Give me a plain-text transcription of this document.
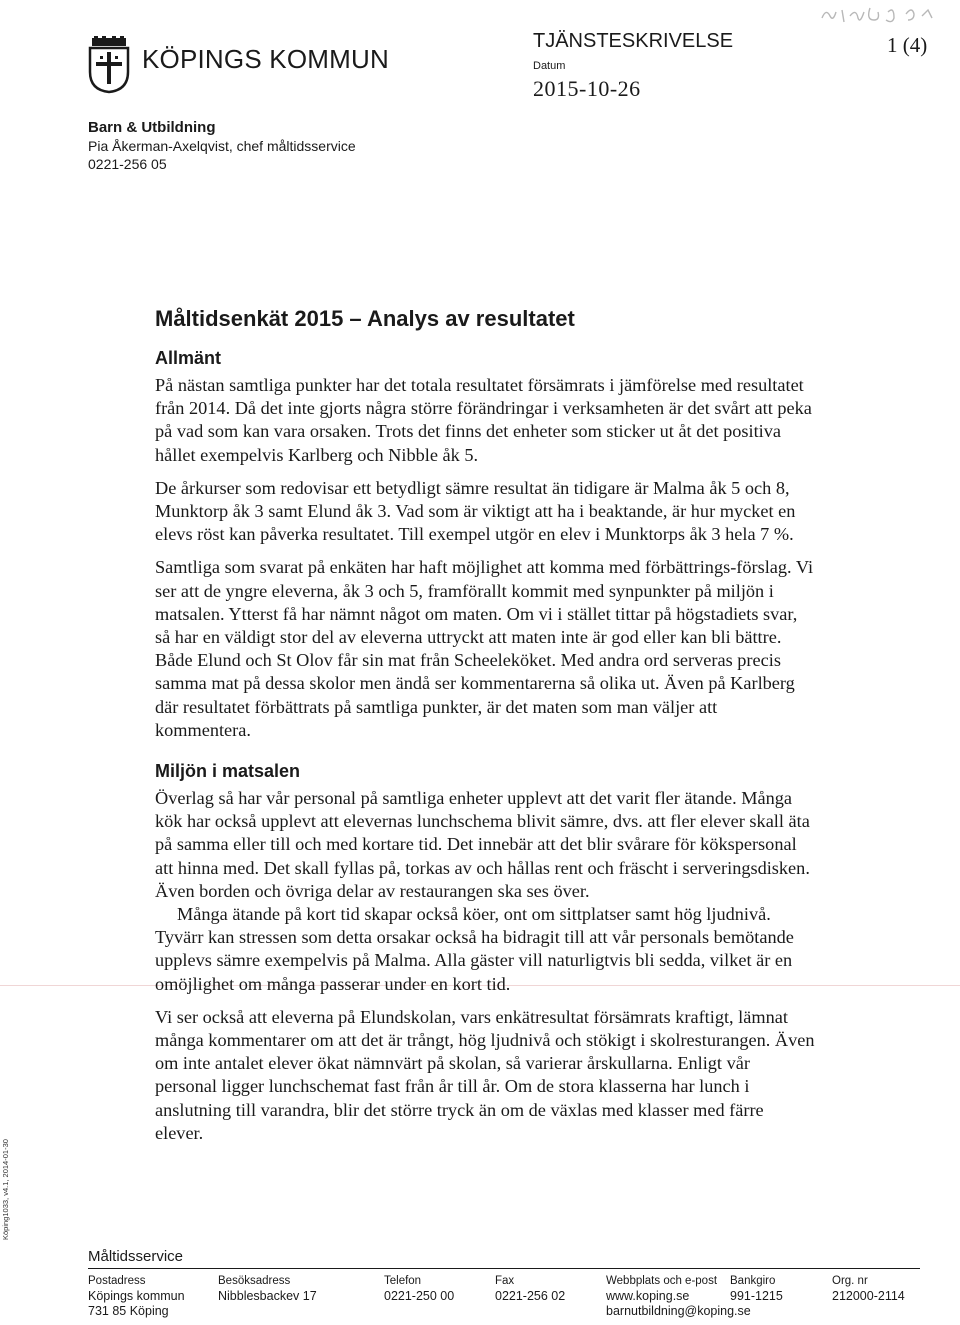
KÖPINGS KOMMUN
TJÄNSTESKRIVELSE	1 (4)
Datum
2015-10-26
Barn & Utbildning
Pia Åkerman-Axelqvist, chef måltidsservice
0221-256 05
Måltidsenkät 2015 – Analys av resultatet
Allmänt
På nästan samtliga punkter har det totala resultatet försämrats i jämförelse med resultatet från 2014. Då det inte gjorts några större förändringar i verksamheten är det svårt att peka på vad som kan vara orsaken. Trots det finns det enheter som sticker ut åt det positiva hållet exempelvis Karlberg och Nibble åk 5.
De årkurser som redovisar ett betydligt sämre resultat än tidigare är Malma åk 5 och 8, Munktorp åk 3 samt Elund åk 3. Vad som är viktigt att ha i beaktande, är hur mycket en elevs röst kan påverka resultatet. Till exempel utgör en elev i Munktorps åk 3 hela 7 %.
Samtliga som svarat på enkäten har haft möjlighet att komma med förbättrings-förslag. Vi ser att de yngre eleverna, åk 3 och 5, framförallt kommit med synpunkter på miljön i matsalen. Ytterst få har nämnt något om maten. Om vi i stället tittar på högstadiets svar, så har en väldigt stor del av eleverna uttryckt att maten inte är god eller kan bli bättre. Både Elund och St Olov får sin mat från Scheeleköket. Med andra ord serveras precis samma mat på dessa skolor men ändå ser kommentarerna så olika ut. Även på Karlberg där resultatet förbättrats på samtliga punkter, är det maten som man väljer att kommentera.
Miljön i matsalen
Överlag så har vår personal på samtliga enheter upplevt att det varit fler ätande. Många kök har också upplevt att elevernas lunchschema blivit sämre, dvs. att fler elever skall äta på samma eller till och med kortare tid. Det innebär att det blir svårare för kökspersonal att hinna med. Det skall fyllas på, torkas av och hållas rent och fräscht i serveringsdisken. Även borden och övriga delar av restaurangen ska ses över.
Många ätande på kort tid skapar också köer, ont om sittplatser samt hög ljudnivå. Tyvärr kan stressen som detta orsakar också ha bidragit till att vår personals bemötande upplevs sämre exempelvis på Malma. Alla gäster vill naturligtvis bli sedda, vilket är en omöjlighet om många passerar under en kort tid.
Vi ser också att eleverna på Elundskolan, vars enkätresultat försämrats kraftigt, lämnat många kommentarer om att det är trångt, hög ljudnivå och stökigt i skolresturangen. Även om inte antalet elever ökat nämnvärt på skolan, så varierar årskullarna. Enligt vår personal ligger lunchschemat fast från år till år. Om de stora klasserna har lunch i anslutning till varandra, blir det större tryck än om de växlas med klasser med färre elever.
Köping1033, v4.1, 2014-01-30
Måltidsservice
Postadress
Köpings kommun
731 85 Köping
Besöksadress
Nibblesbackev 17
Telefon
0221-250 00
Fax
0221-256 02
Webbplats och e-post
www.koping.se
barnutbildning@koping.se
Bankgiro
991-1215
Org. nr
212000-2114
